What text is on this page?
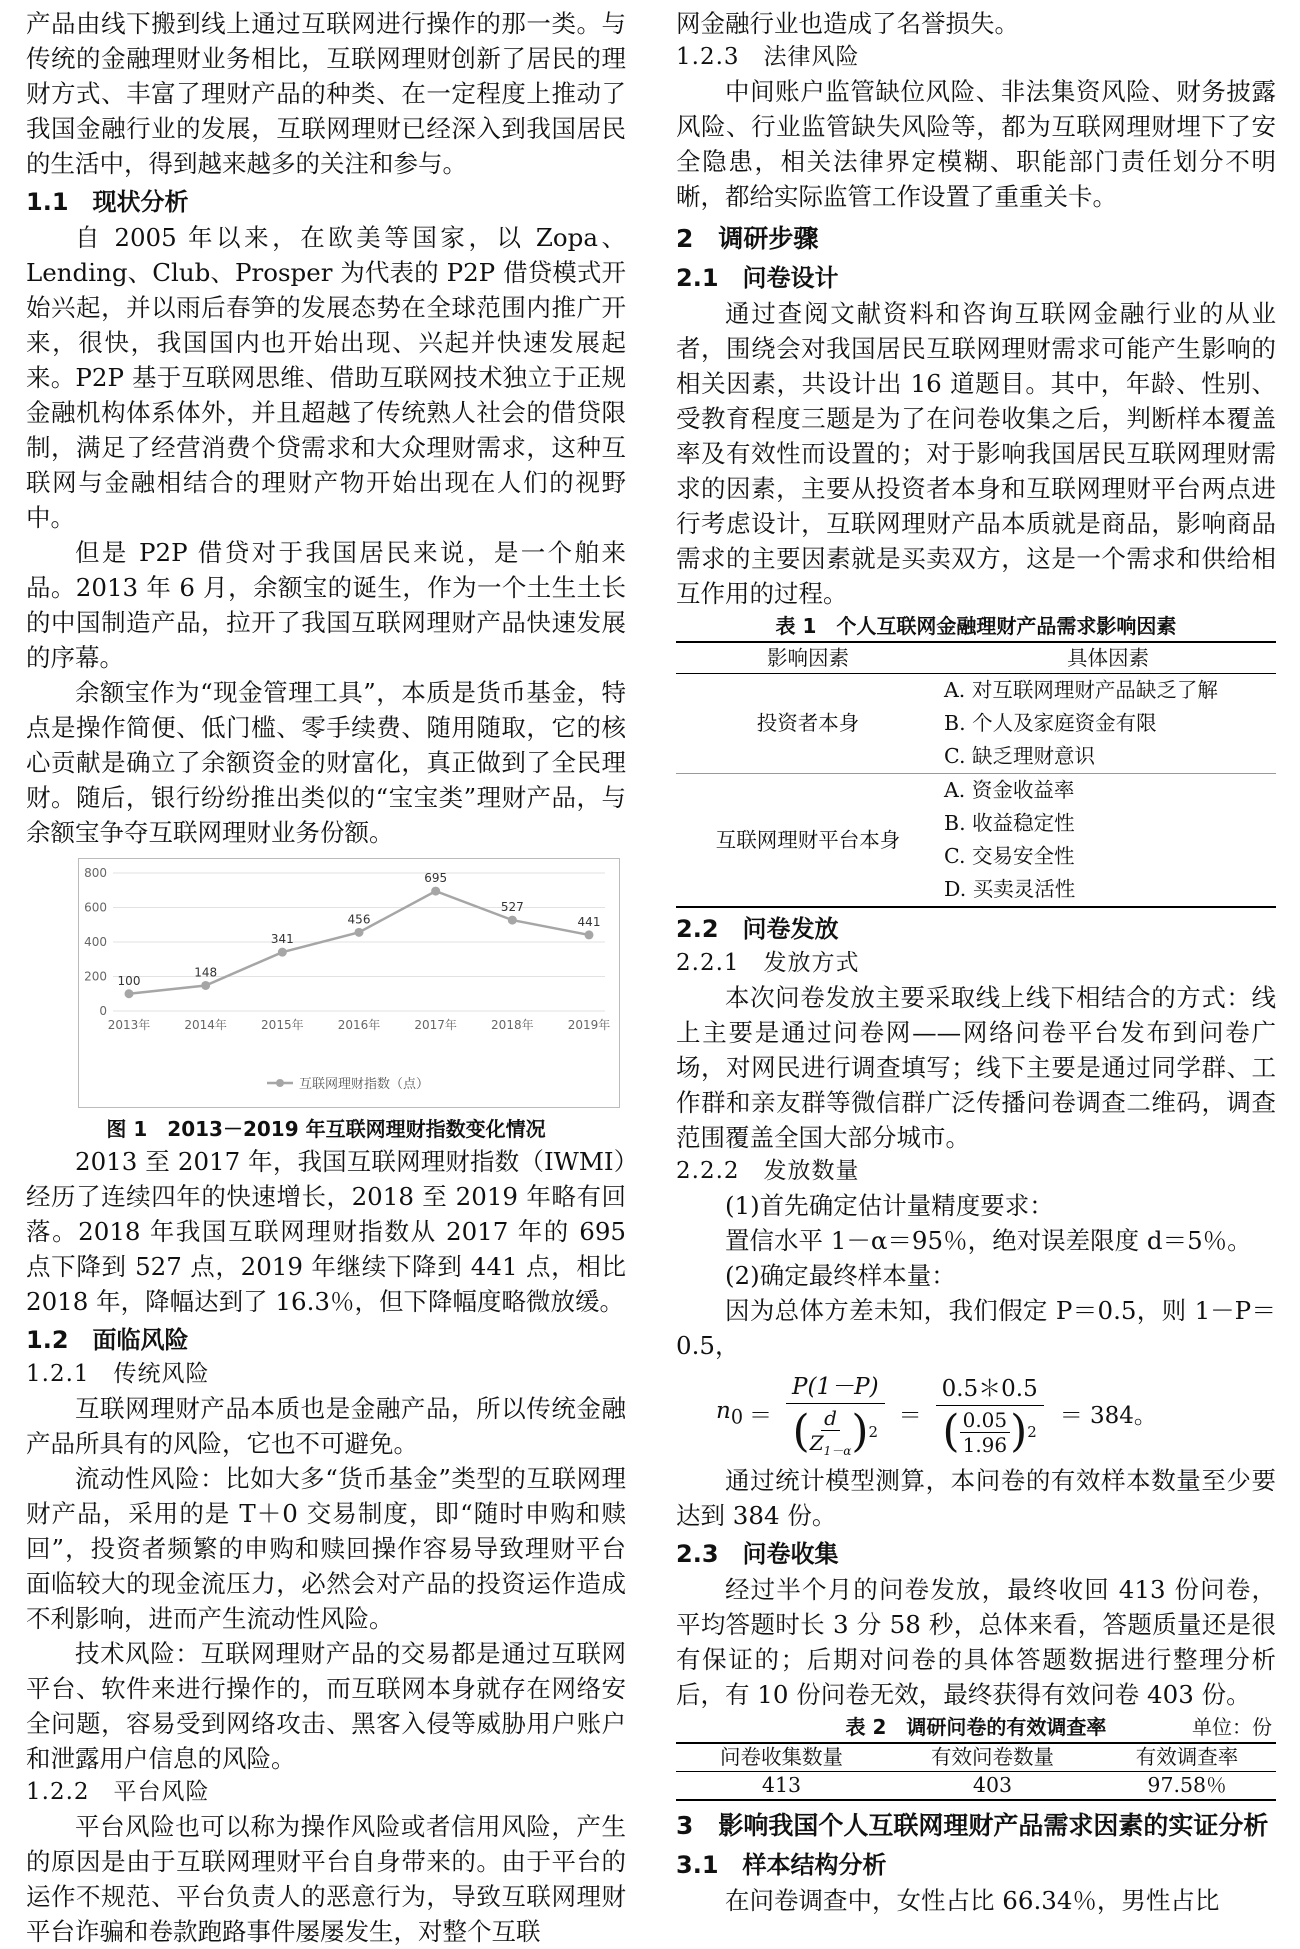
产品由线下搬到线上通过互联网进行操作的那一类。与传统的金融理财业务相比，互联网理财创新了居民的理财方式、丰富了理财产品的种类、在一定程度上推动了我国金融行业的发展，互联网理财已经深入到我国居民的生活中，得到越来越多的关注和参与。

1.1　现状分析

自 2005 年以来，在欧美等国家，以 Zopa、Lending、Club、Prosper 为代表的 P2P 借贷模式开始兴起，并以雨后春笋的发展态势在全球范围内推广开来，很快，我国国内也开始出现、兴起并快速发展起来。P2P 基于互联网思维、借助互联网技术独立于正规金融机构体系体外，并且超越了传统熟人社会的借贷限制，满足了经营消费个贷需求和大众理财需求，这种互联网与金融相结合的理财产物开始出现在人们的视野中。

但是 P2P 借贷对于我国居民来说，是一个舶来品。2013 年 6 月，余额宝的诞生，作为一个土生土长的中国制造产品，拉开了我国互联网理财产品快速发展的序幕。

余额宝作为“现金管理工具”，本质是货币基金，特点是操作简便、低门槛、零手续费、随用随取，它的核心贡献是确立了余额资金的财富化，真正做到了全民理财。随后，银行纷纷推出类似的“宝宝类”理财产品，与余额宝争夺互联网理财业务份额。

0
200
400
600
800
2013年	2014年	2015年	2016年	2017年	2018年	2019年
100
148
341
456
695
527
441
互联网理财指数（点）
图 1　2013－2019 年互联网理财指数变化情况

2013 至 2017 年，我国互联网理财指数（IWMI）经历了连续四年的快速增长，2018 至 2019 年略有回落。2018 年我国互联网理财指数从 2017 年的 695 点下降到 527 点，2019 年继续下降到 441 点，相比 2018 年，降幅达到了 16.3％，但下降幅度略微放缓。

1.2　面临风险
1.2.1　传统风险

互联网理财产品本质也是金融产品，所以传统金融产品所具有的风险，它也不可避免。

流动性风险：比如大多“货币基金”类型的互联网理财产品，采用的是 T＋0 交易制度，即“随时申购和赎回”，投资者频繁的申购和赎回操作容易导致理财平台面临较大的现金流压力，必然会对产品的投资运作造成不利影响，进而产生流动性风险。

技术风险：互联网理财产品的交易都是通过互联网平台、软件来进行操作的，而互联网本身就存在网络安全问题，容易受到网络攻击、黑客入侵等威胁用户账户和泄露用户信息的风险。

1.2.2　平台风险

平台风险也可以称为操作风险或者信用风险，产生的原因是由于互联网理财平台自身带来的。由于平台的运作不规范、平台负责人的恶意行为，导致互联网理财平台诈骗和卷款跑路事件屡屡发生，对整个互联

网金融行业也造成了名誉损失。

1.2.3　法律风险

中间账户监管缺位风险、非法集资风险、财务披露风险、行业监管缺失风险等，都为互联网理财埋下了安全隐患，相关法律界定模糊、职能部门责任划分不明晰，都给实际监管工作设置了重重关卡。

2　调研步骤
2.1　问卷设计

通过查阅文献资料和咨询互联网金融行业的从业者，围绕会对我国居民互联网理财需求可能产生影响的相关因素，共设计出 16 道题目。其中，年龄、性别、受教育程度三题是为了在问卷收集之后，判断样本覆盖率及有效性而设置的；对于影响我国居民互联网理财需求的因素，主要从投资者本身和互联网理财平台两点进行考虑设计，互联网理财产品本质就是商品，影响商品需求的主要因素就是买卖双方，这是一个需求和供给相互作用的过程。

表 1　个人互联网金融理财产品需求影响因素
影响因素	具体因素
投资者本身	A. 对互联网理财产品缺乏了解
	B. 个人及家庭资金有限
	C. 缺乏理财意识
互联网理财平台本身	A. 资金收益率
	B. 收益稳定性
	C. 交易安全性
	D. 买卖灵活性
2.2　问卷发放
2.2.1　发放方式

本次问卷发放主要采取线上线下相结合的方式：线上主要是通过问卷网——网络问卷平台发布到问卷广场，对网民进行调查填写；线下主要是通过同学群、工作群和亲友群等微信群广泛传播问卷调查二维码，调查范围覆盖全国大部分城市。

2.2.2　发放数量

(1)首先确定估计量精度要求：

置信水平 1－α＝95％，绝对误差限度 d＝5％。

(2)确定最终样本量：

因为总体方差未知，我们假定 P＝0.5，则 1－P＝0.5，

$n_0 = \frac{P(1-P)}{( \frac{d}{Z_{1-\alpha}} ) 2} = \frac{0.5*0.5}{( \frac{0.05}{1.96} ) 2} = 384$。

通过统计模型测算，本问卷的有效样本数量至少要达到 384 份。

2.3　问卷收集

经过半个月的问卷发放，最终收回 413 份问卷，平均答题时长 3 分 58 秒，总体来看，答题质量还是很有保证的；后期对问卷的具体答题数据进行整理分析后，有 10 份问卷无效，最终获得有效问卷 403 份。

表 2　调研问卷的有效调查率	单位：份
问卷收集数量	有效问卷数量	有效调查率
413	403	97.58％
3　影响我国个人互联网理财产品需求因素的实证分析
3.1　样本结构分析

在问卷调查中，女性占比 66.34％，男性占比
